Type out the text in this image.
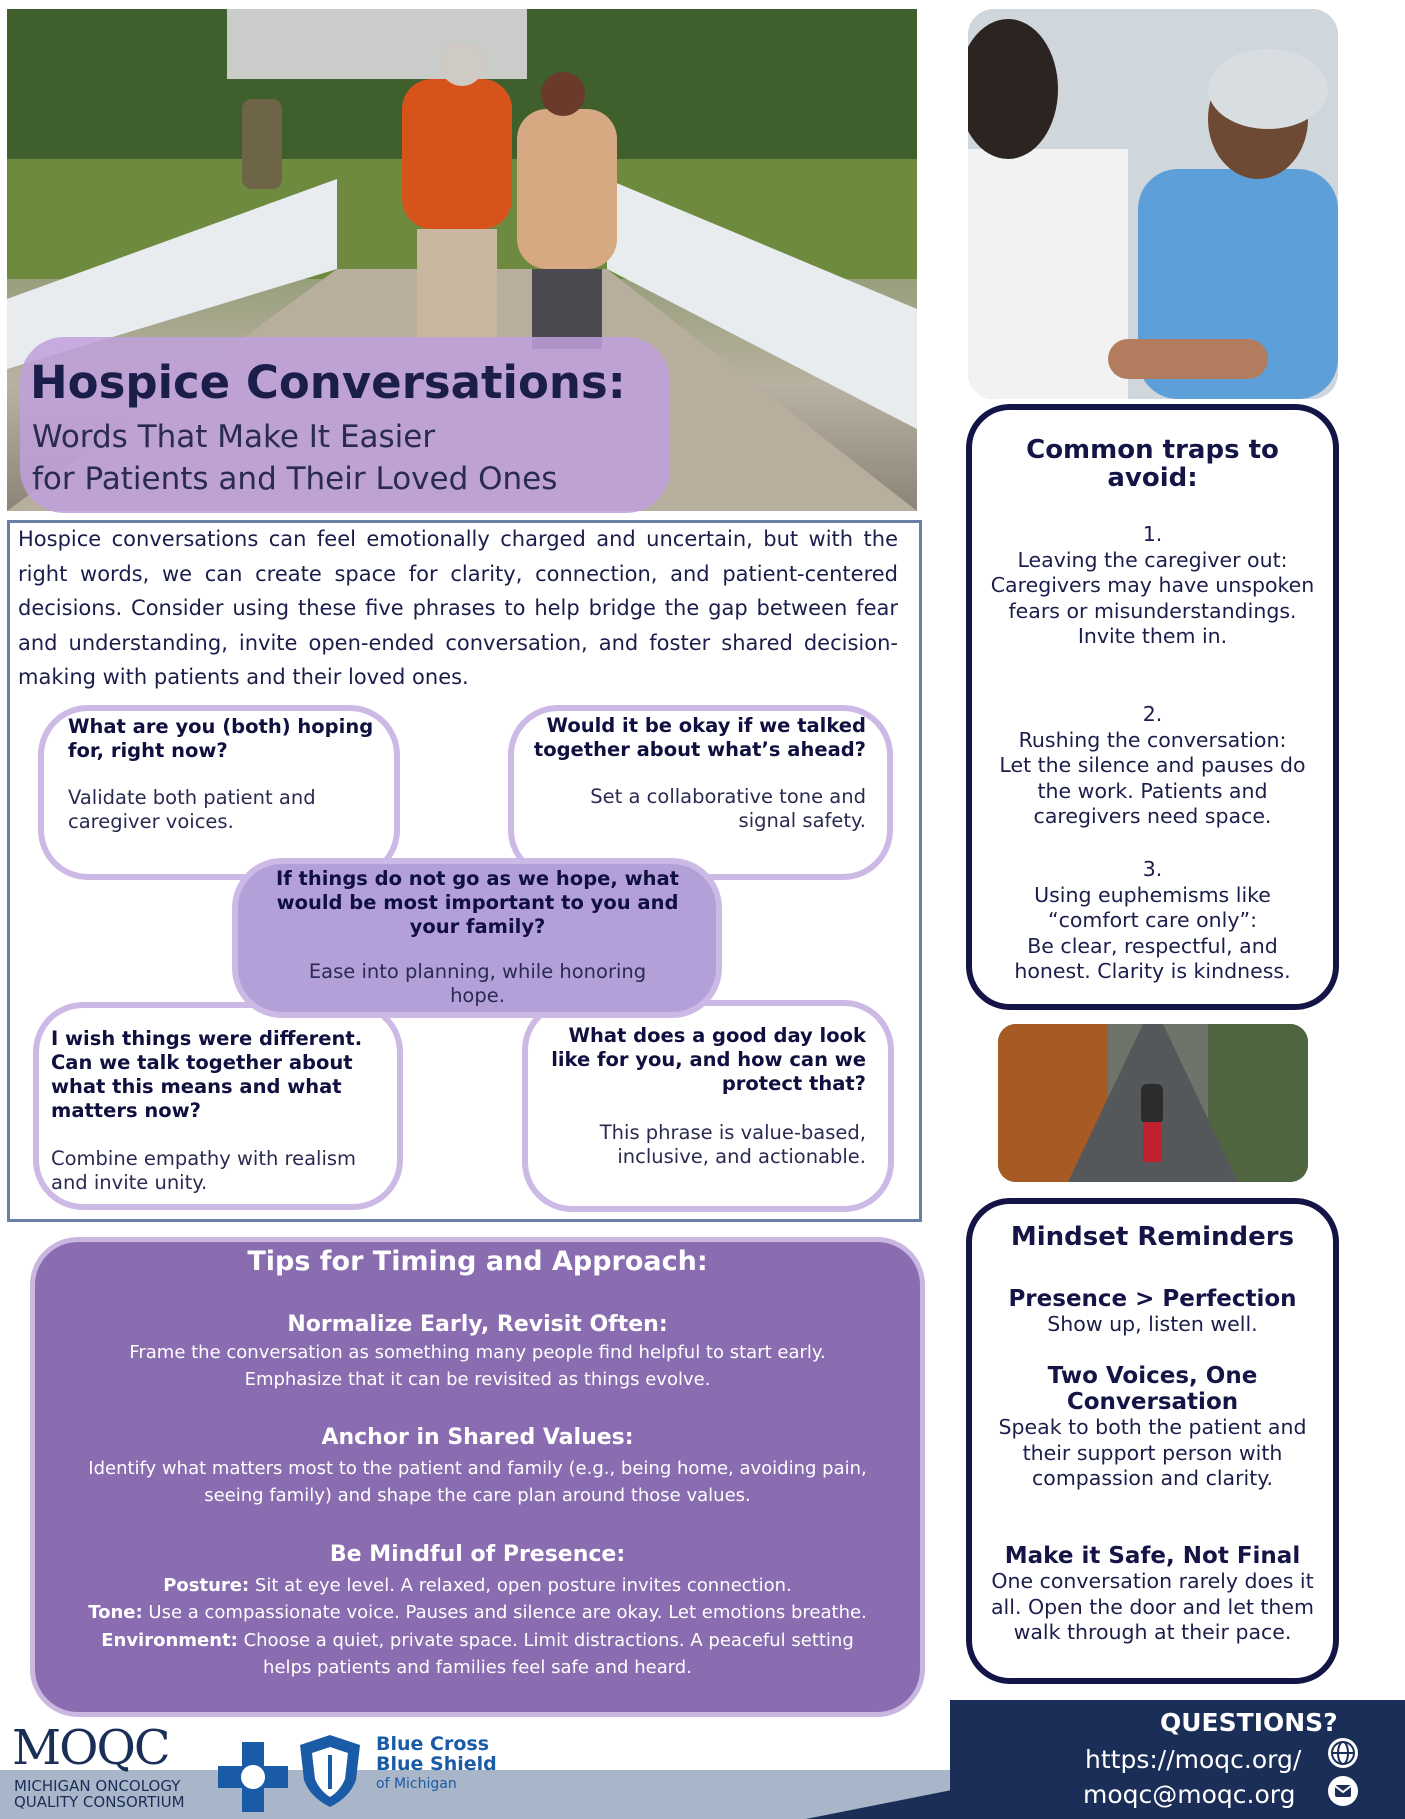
Hospice Conversations:
Words That Make It Easier
for Patients and Their Loved Ones
Hospice conversations can feel emotionally charged and uncertain, but with the right words, we can create space for clarity, connection, and patient-centered decisions. Consider using these five phrases to help bridge the gap between fear and understanding, invite open-ended conversation, and foster shared decision-making with patients and their loved ones.
What are you (both) hoping for, right now?
Validate both patient and caregiver voices.
Would it be okay if we talked together about what’s ahead?
Set a collaborative tone and signal safety.
I wish things were different. Can we talk together about what this means and what matters now?
Combine empathy with realism and invite unity.
What does a good day look like for you, and how can we protect that?
This phrase is value-based, inclusive, and actionable.
If things do not go as we hope, what would be most important to you and your family?
Ease into planning, while honoring hope.
Tips for Timing and Approach:
Normalize Early, Revisit Often:
Frame the conversation as something many people find helpful to start early.
Emphasize that it can be revisited as things evolve.
Anchor in Shared Values:
Identify what matters most to the patient and family (e.g., being home, avoiding pain,
seeing family) and shape the care plan around those values.
Be Mindful of Presence:
Posture: Sit at eye level. A relaxed, open posture invites connection.
Tone: Use a compassionate voice. Pauses and silence are okay. Let emotions breathe.
Environment: Choose a quiet, private space. Limit distractions. A peaceful setting
helps patients and families feel safe and heard.
Common traps to avoid:
1.
Leaving the caregiver out:
Caregivers may have unspoken fears or misunderstandings. Invite them in.
2.
Rushing the conversation:
Let the silence and pauses do the work. Patients and caregivers need space.
3.
Using euphemisms like “comfort care only”:
Be clear, respectful, and honest. Clarity is kindness.
Mindset Reminders
Presence > Perfection
Show up, listen well.
Two Voices, One Conversation
Speak to both the patient and their support person with compassion and clarity.
Make it Safe, Not Final
One conversation rarely does it all. Open the door and let them walk through at their pace.
MOQC
MICHIGAN ONCOLOGY
QUALITY CONSORTIUM
Blue Cross
Blue Shield
of Michigan
QUESTIONS?
https://moqc.org/
moqc@moqc.org
